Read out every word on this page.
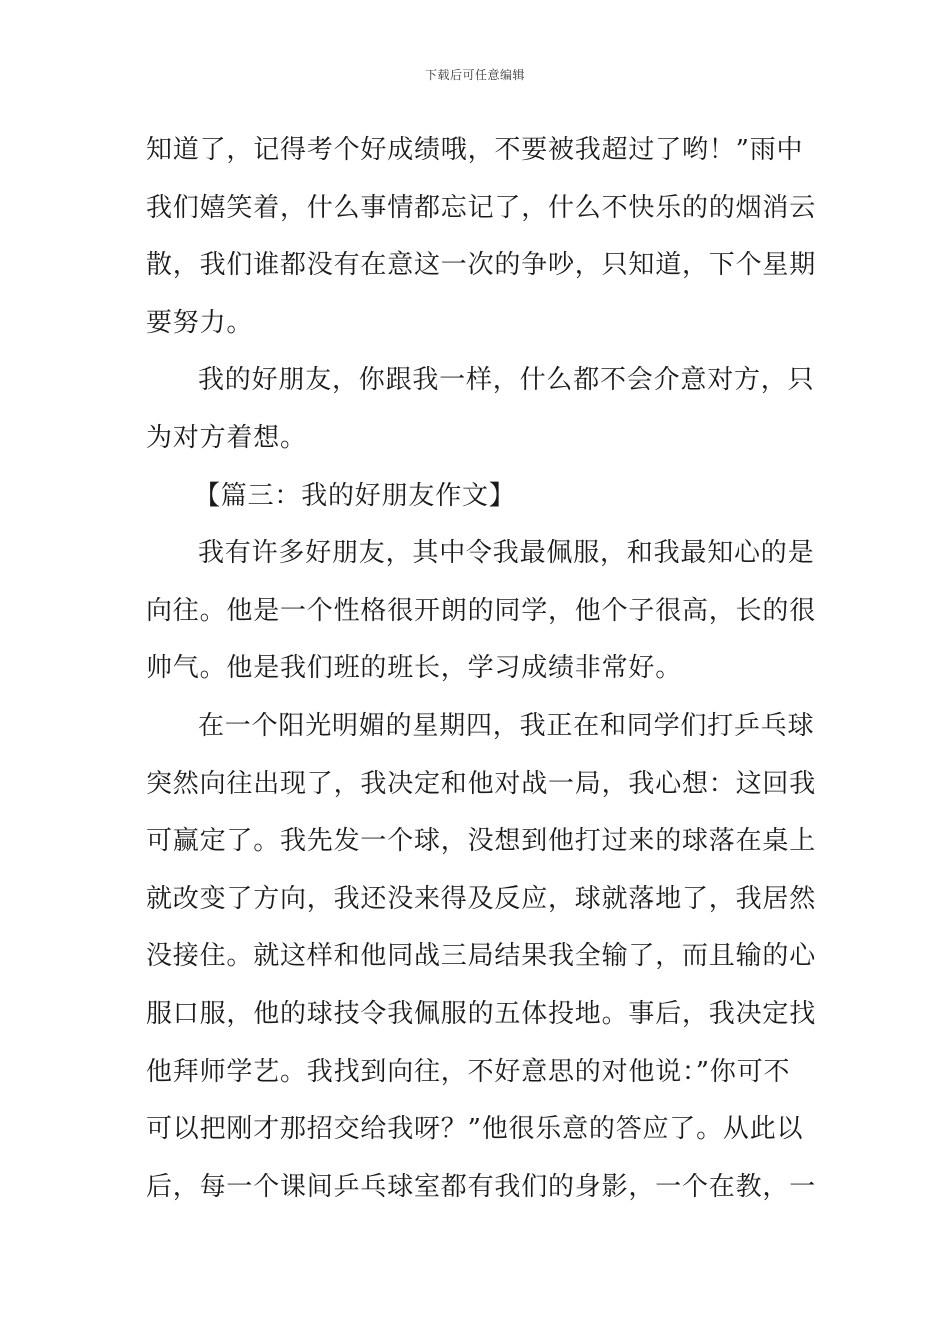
下载后可任意编辑
知道了，记得考个好成绩哦，不要被我超过了哟！”雨中
我们嬉笑着，什么事情都忘记了，什么不快乐的的烟消云
散，我们谁都没有在意这一次的争吵，只知道，下个星期
要努力。
我的好朋友，你跟我一样，什么都不会介意对方，只
为对方着想。
【篇三：我的好朋友作文】
我有许多好朋友，其中令我最佩服，和我最知心的是
向往。他是一个性格很开朗的同学，他个子很高，长的很
帅气。他是我们班的班长，学习成绩非常好。
在一个阳光明媚的星期四，我正在和同学们打乒乓球
突然向往出现了，我决定和他对战一局，我心想：这回我
可赢定了。我先发一个球，没想到他打过来的球落在桌上
就改变了方向，我还没来得及反应，球就落地了，我居然
没接住。就这样和他同战三局结果我全输了，而且输的心
服口服，他的球技令我佩服的五体投地。事后，我决定找
他拜师学艺。我找到向往，不好意思的对他说：”你可不
可以把刚才那招交给我呀？”他很乐意的答应了。从此以
后，每一个课间乒乓球室都有我们的身影，一个在教，一
